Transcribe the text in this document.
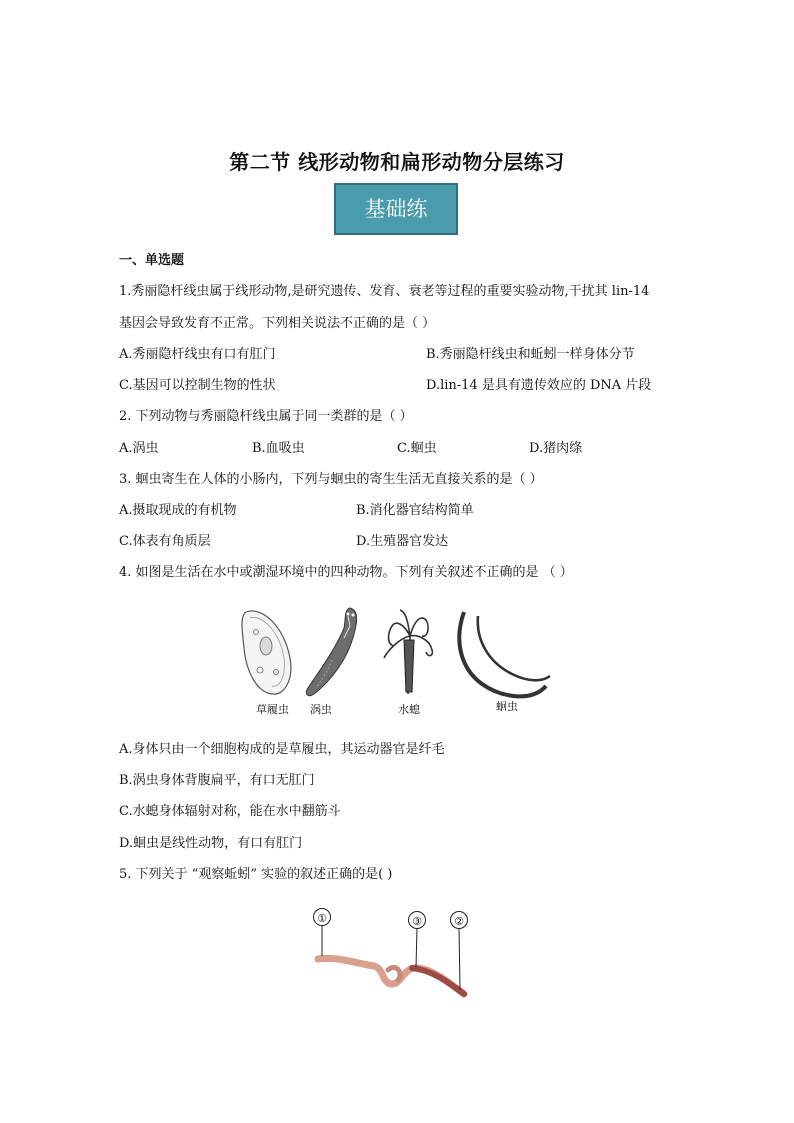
第二节 线形动物和扁形动物分层练习
基础练
一、单选题
1.秀丽隐杆线虫属于线形动物,是研究遗传、发育、衰老等过程的重要实验动物,干扰其 lin-14
基因会导致发育不正常。下列相关说法不正确的是（ ）
A.秀丽隐杆线虫有口有肛门	B.秀丽隐杆线虫和蚯蚓一样身体分节
C.基因可以控制生物的性状	D.lin-14 是具有遗传效应的 DNA 片段
2. 下列动物与秀丽隐杆线虫属于同一类群的是（ ）
A.涡虫	B.血吸虫	C.蛔虫	D.猪肉绦
3. 蛔虫寄生在人体的小肠内，下列与蛔虫的寄生生活无直接关系的是（ ）
A.摄取现成的有机物	B.消化器官结构简单
C.体表有角质层	D.生殖器官发达
4. 如图是生活在水中或潮湿环境中的四种动物。下列有关叙述不正确的是 （ ）
草履虫 涡虫	水螅	蛔虫
A.身体只由一个细胞构成的是草履虫，其运动器官是纤毛
B.涡虫身体背腹扁平，有口无肛门
C.水螅身体辐射对称，能在水中翻筋斗
D.蛔虫是线性动物，有口有肛门
5. 下列关于 “观察蚯蚓” 实验的叙述正确的是( )
①	③	②
